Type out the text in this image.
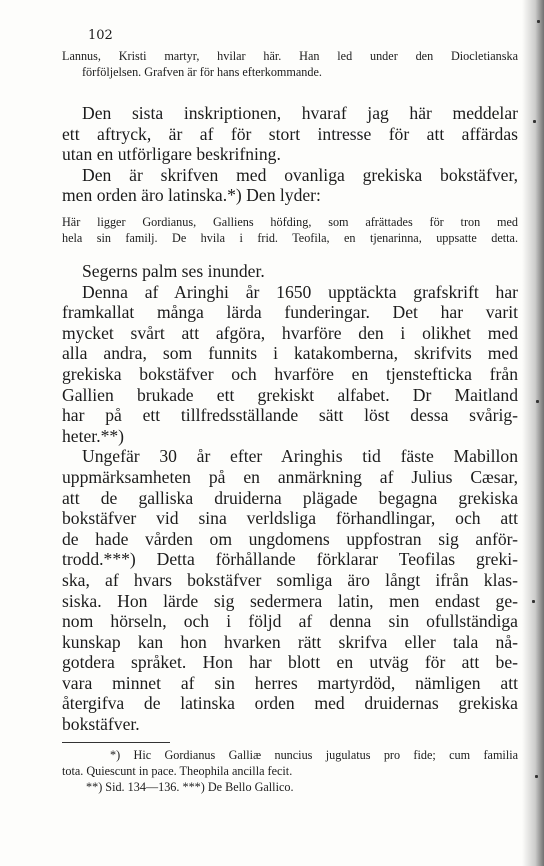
102
Lannus, Kristi martyr, hvilar här. Han led under den Diocletianska
förföljelsen. Grafven är för hans efterkommande.
Den sista inskriptionen, hvaraf jag här meddelar
ett aftryck, är af för stort intresse för att affärdas
utan en utförligare beskrifning.
Den är skrifven med ovanliga grekiska bokstäfver,
men orden äro latinska.*) Den lyder:
Här ligger Gordianus, Galliens höfding, som afrättades för tron med
hela sin familj. De hvila i frid. Teofila, en tjenarinna, uppsatte detta.
Segerns palm ses inunder.
Denna af Aringhi år 1650 upptäckta grafskrift har
framkallat många lärda funderingar. Det har varit
mycket svårt att afgöra, hvarföre den i olikhet med
alla andra, som funnits i katakomberna, skrifvits med
grekiska bokstäfver och hvarföre en tjenstefticka från
Gallien brukade ett grekiskt alfabet. Dr Maitland
har på ett tillfredsställande sätt löst dessa svårig-
heter.**)
Ungefär 30 år efter Aringhis tid fäste Mabillon
uppmärksamheten på en anmärkning af Julius Cæsar,
att de galliska druiderna plägade begagna grekiska
bokstäfver vid sina verldsliga förhandlingar, och att
de hade vården om ungdomens uppfostran sig anför-
trodd.***) Detta förhållande förklarar Teofilas greki-
ska, af hvars bokstäfver somliga äro långt ifrån klas-
siska. Hon lärde sig sedermera latin, men endast ge-
nom hörseln, och i följd af denna sin ofullständiga
kunskap kan hon hvarken rätt skrifva eller tala nå-
gotdera språket. Hon har blott en utväg för att be-
vara minnet af sin herres martyrdöd, nämligen att
återgifva de latinska orden med druidernas grekiska
bokstäfver.
*) Hic Gordianus Galliæ nuncius jugulatus pro fide; cum familia
tota. Quiescunt in pace. Theophila ancilla fecit.
**) Sid. 134—136. ***) De Bello Gallico.
